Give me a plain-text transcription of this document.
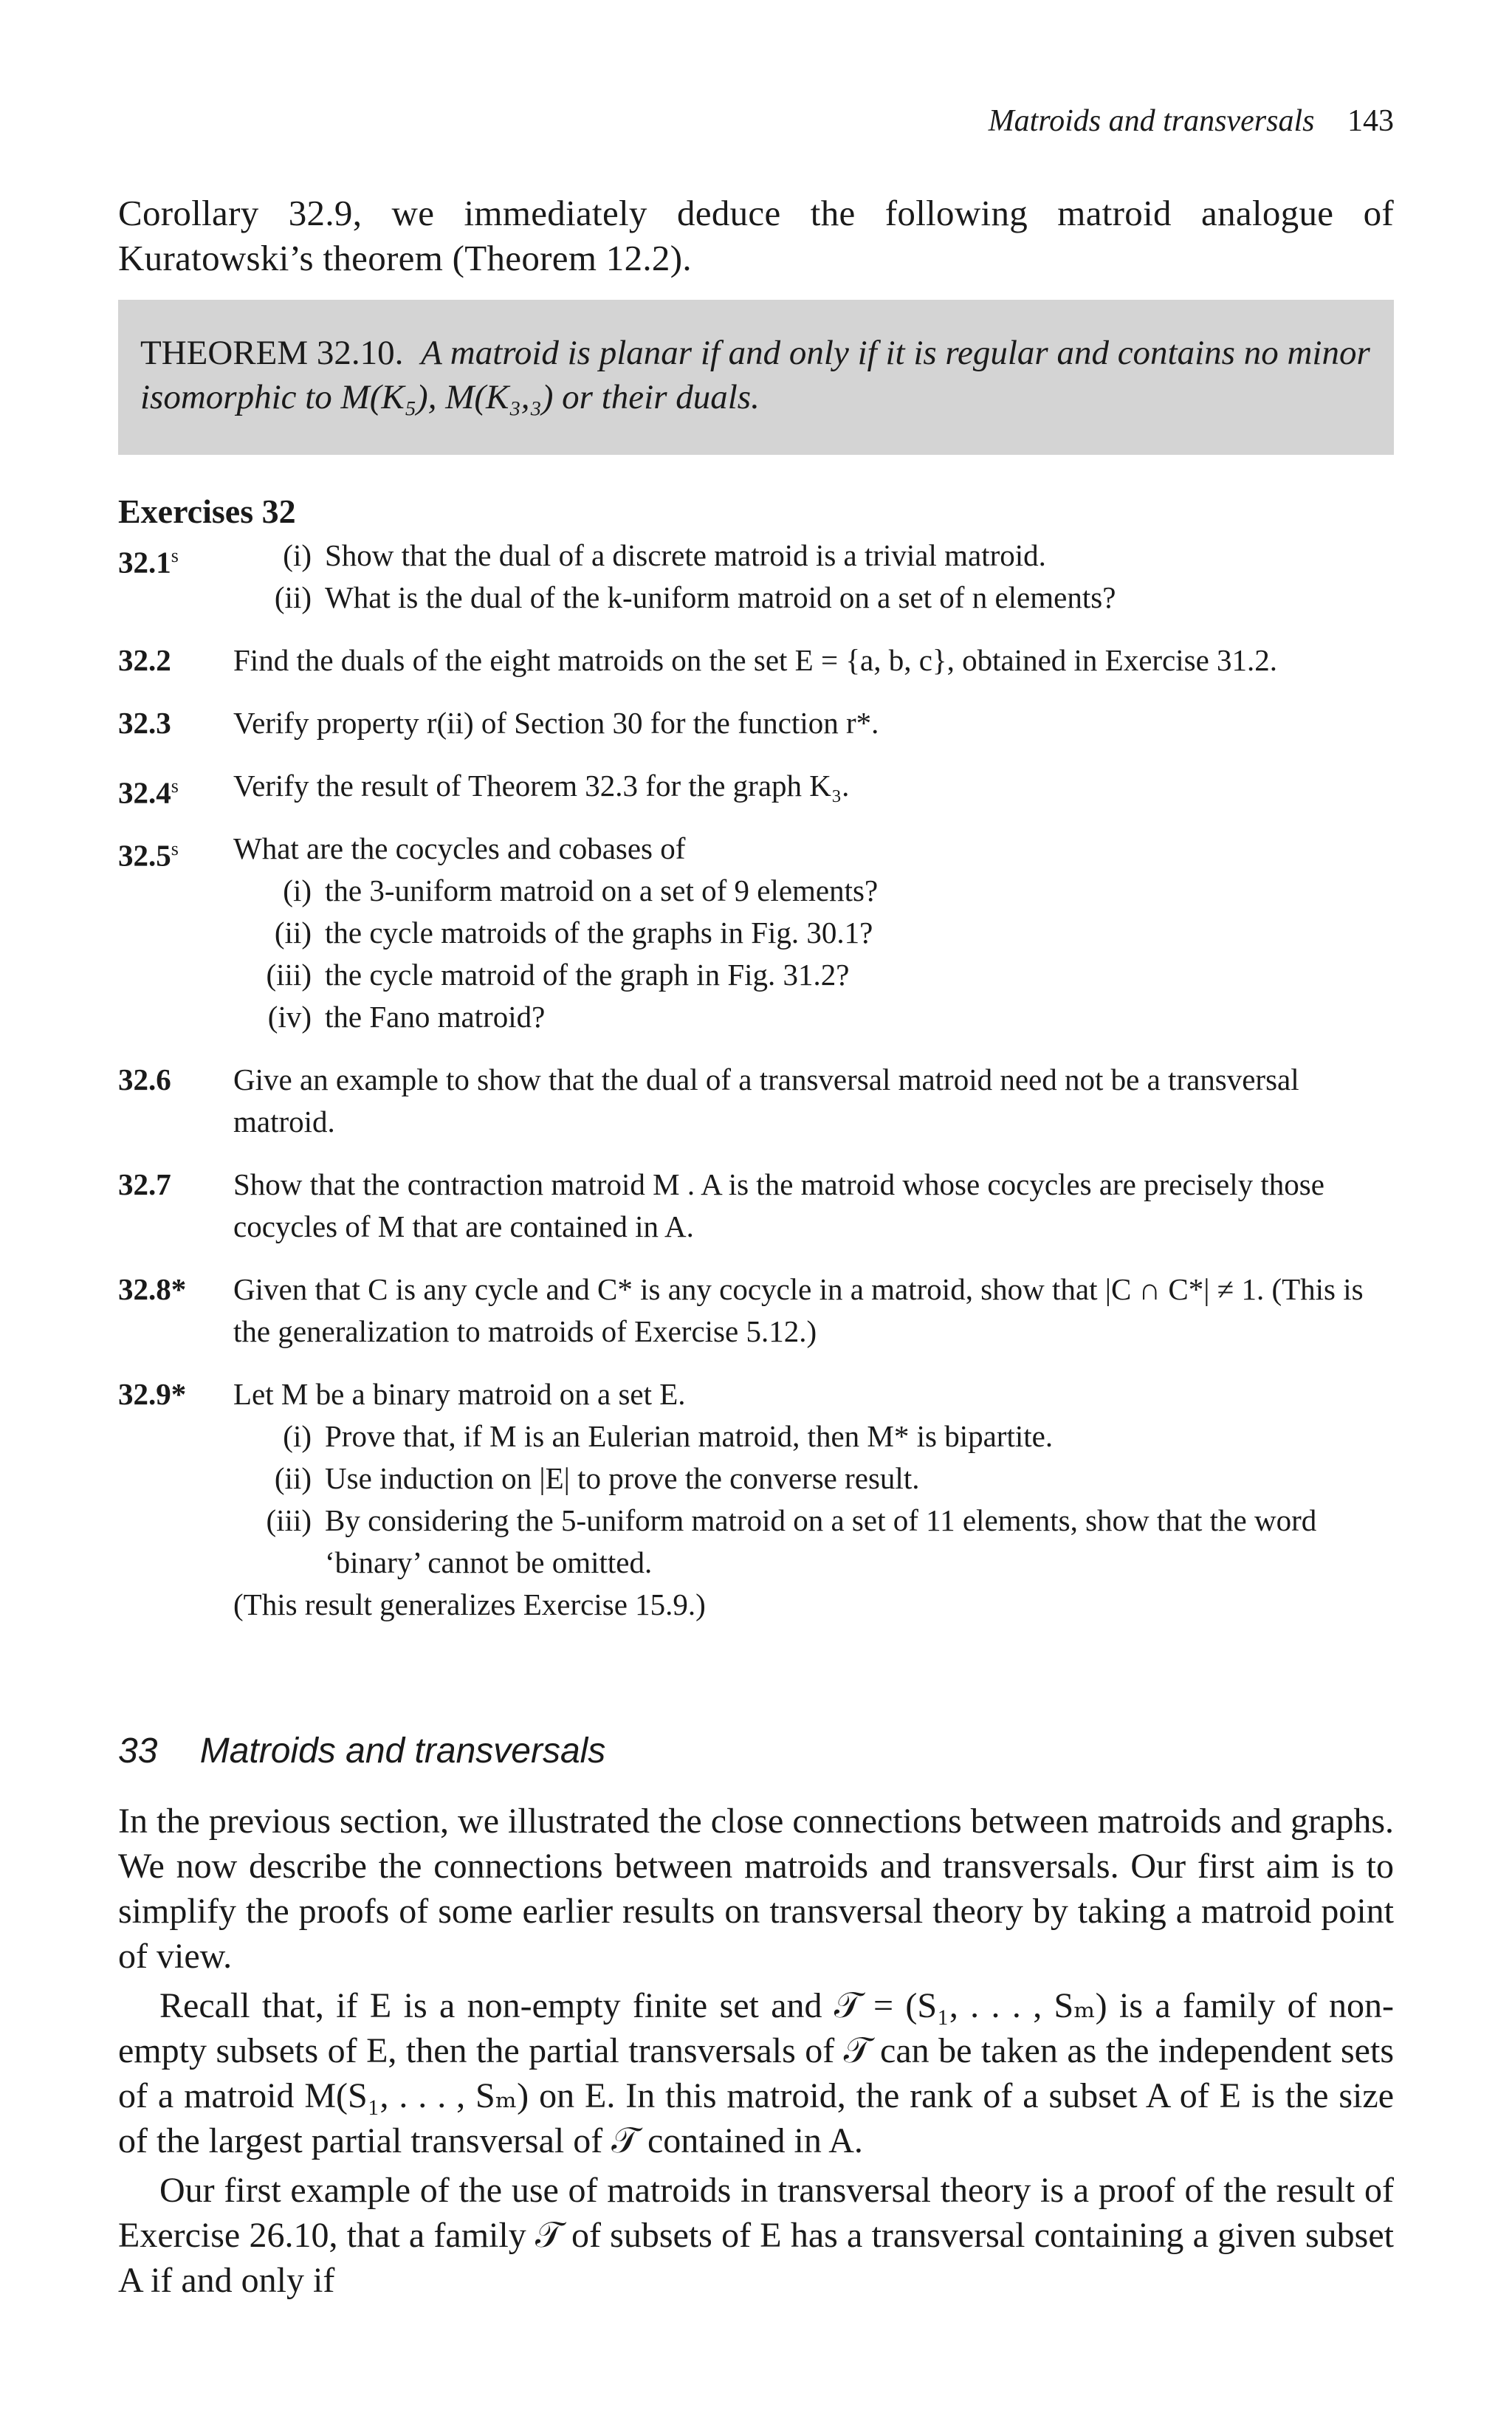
Matroids and transversals 143
Corollary 32.9, we immediately deduce the following matroid analogue of Kuratowski’s theorem (Theorem 12.2).
THEOREM 32.10. A matroid is planar if and only if it is regular and contains no minor isomorphic to M(K₅), M(K₃,₃) or their duals.
Exercises 32
32.1$^s$	(i) Show that the dual of a discrete matroid is a trivial matroid.
(ii) What is the dual of the k-uniform matroid on a set of n elements?
32.2 Find the duals of the eight matroids on the set E = {a, b, c}, obtained in Exercise 31.2.
32.3 Verify property r(ii) of Section 30 for the function r*.
32.4$^s$ Verify the result of Theorem 32.3 for the graph K₃.
32.5$^s$ What are the cocycles and cobases of
(i) the 3-uniform matroid on a set of 9 elements?
(ii) the cycle matroids of the graphs in Fig. 30.1?
(iii) the cycle matroid of the graph in Fig. 31.2?
(iv) the Fano matroid?
32.6 Give an example to show that the dual of a transversal matroid need not be a transversal matroid.
32.7 Show that the contraction matroid M . A is the matroid whose cocycles are precisely those cocycles of M that are contained in A.
32.8* Given that C is any cycle and C* is any cocycle in a matroid, show that |C ∩ C*| ≠ 1. (This is the generalization to matroids of Exercise 5.12.)
32.9* Let M be a binary matroid on a set E.
(i) Prove that, if M is an Eulerian matroid, then M* is bipartite.
(ii) Use induction on |E| to prove the converse result.
(iii) By considering the 5-uniform matroid on a set of 11 elements, show that the word ‘binary’ cannot be omitted.
(This result generalizes Exercise 15.9.)
33 Matroids and transversals

In the previous section, we illustrated the close connections between matroids and graphs. We now describe the connections between matroids and transversals. Our first aim is to simplify the proofs of some earlier results on transversal theory by taking a matroid point of view.

Recall that, if E is a non-empty finite set and 𝒯 = (S₁, . . . , Sₘ) is a family of non-empty subsets of E, then the partial transversals of 𝒯 can be taken as the independent sets of a matroid M(S₁, . . . , Sₘ) on E. In this matroid, the rank of a subset A of E is the size of the largest partial transversal of 𝒯 contained in A.

Our first example of the use of matroids in transversal theory is a proof of the result of Exercise 26.10, that a family 𝒯 of subsets of E has a transversal containing a given subset A if and only if
